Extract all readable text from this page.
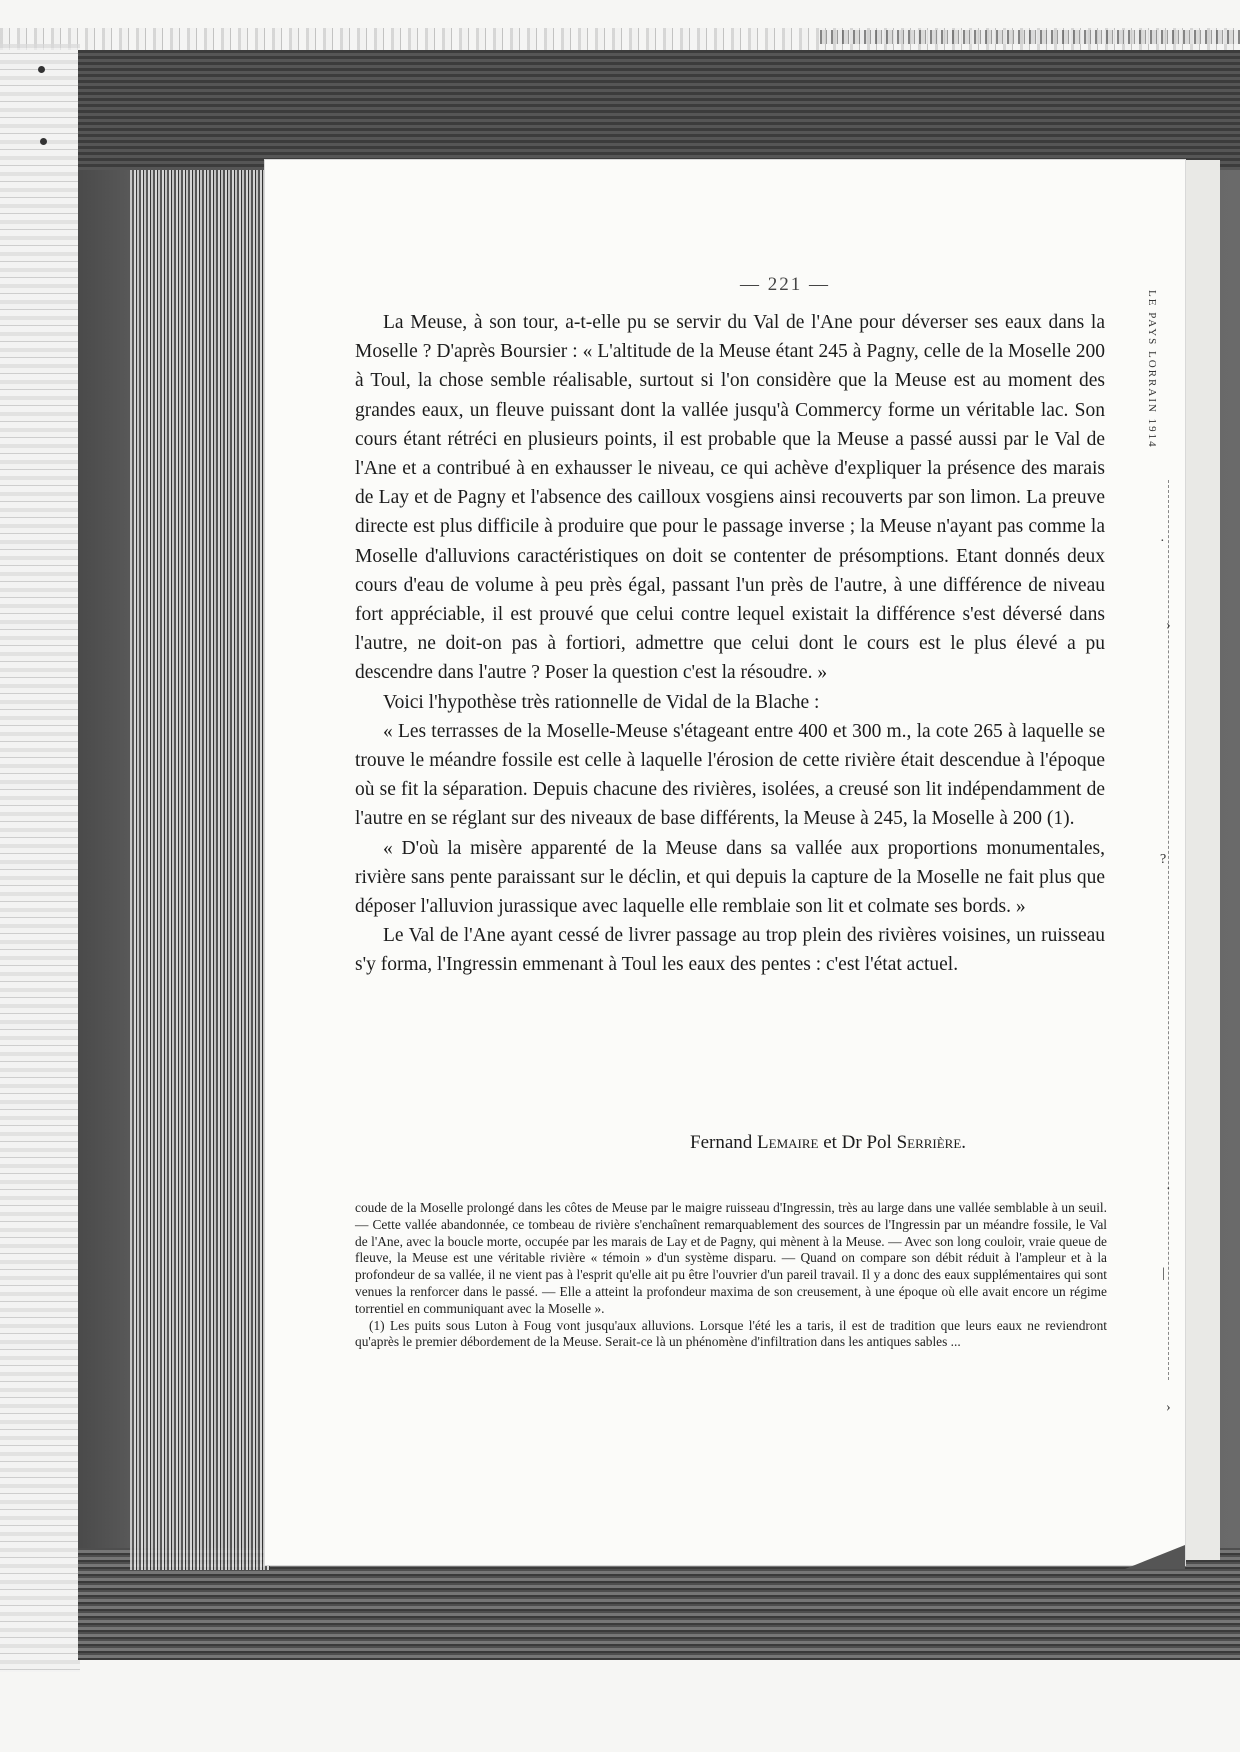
— 221 —

La Meuse, à son tour, a-t-elle pu se servir du Val de l'Ane pour déverser ses eaux dans la Moselle ? D'après Boursier : « L'altitude de la Meuse étant 245 à Pagny, celle de la Moselle 200 à Toul, la chose semble réalisable, surtout si l'on considère que la Meuse est au moment des grandes eaux, un fleuve puissant dont la vallée jusqu'à Commercy forme un véritable lac. Son cours étant rétréci en plusieurs points, il est probable que la Meuse a passé aussi par le Val de l'Ane et a contribué à en exhausser le niveau, ce qui achève d'expliquer la présence des marais de Lay et de Pagny et l'absence des cailloux vosgiens ainsi recouverts par son limon. La preuve directe est plus difficile à produire que pour le passage inverse ; la Meuse n'ayant pas comme la Moselle d'alluvions caractéristiques on doit se contenter de présomptions. Etant donnés deux cours d'eau de volume à peu près égal, passant l'un près de l'autre, à une différence de niveau fort appréciable, il est prouvé que celui contre lequel existait la différence s'est déversé dans l'autre, ne doit-on pas à fortiori, admettre que celui dont le cours est le plus élevé a pu descendre dans l'autre ? Poser la question c'est la résoudre. »

Voici l'hypothèse très rationnelle de Vidal de la Blache :

« Les terrasses de la Moselle-Meuse s'étageant entre 400 et 300 m., la cote 265 à laquelle se trouve le méandre fossile est celle à laquelle l'érosion de cette rivière était descendue à l'époque où se fit la séparation. Depuis chacune des rivières, isolées, a creusé son lit indépendamment de l'autre en se réglant sur des niveaux de base différents, la Meuse à 245, la Moselle à 200 (1).

« D'où la misère apparenté de la Meuse dans sa vallée aux proportions monumentales, rivière sans pente paraissant sur le déclin, et qui depuis la capture de la Moselle ne fait plus que déposer l'alluvion jurassique avec laquelle elle remblaie son lit et colmate ses bords. »

Le Val de l'Ane ayant cessé de livrer passage au trop plein des rivières voisines, un ruisseau s'y forma, l'Ingressin emmenant à Toul les eaux des pentes : c'est l'état actuel.

Fernand Lemaire et Dr Pol Serrière.

coude de la Moselle prolongé dans les côtes de Meuse par le maigre ruisseau d'Ingressin, très au large dans une vallée semblable à un seuil. — Cette vallée abandonnée, ce tombeau de rivière s'enchaînent remarquablement des sources de l'Ingressin par un méandre fossile, le Val de l'Ane, avec la boucle morte, occupée par les marais de Lay et de Pagny, qui mènent à la Meuse. — Avec son long couloir, vraie queue de fleuve, la Meuse est une véritable rivière « témoin » d'un système disparu. — Quand on compare son débit réduit à l'ampleur et à la profondeur de sa vallée, il ne vient pas à l'esprit qu'elle ait pu être l'ouvrier d'un pareil travail. Il y a donc des eaux supplémentaires qui sont venues la renforcer dans le passé. — Elle a atteint la profondeur maxima de son creusement, à une époque où elle avait encore un régime torrentiel en communiquant avec la Moselle ».

(1) Les puits sous Luton à Foug vont jusqu'aux alluvions. Lorsque l'été les a taris, il est de tradition que leurs eaux ne reviendront qu'après le premier débordement de la Meuse. Serait-ce là un phénomène d'infiltration dans les antiques sables ...

LE PAYS LORRAIN 1914
·
›
?
·
|
›
